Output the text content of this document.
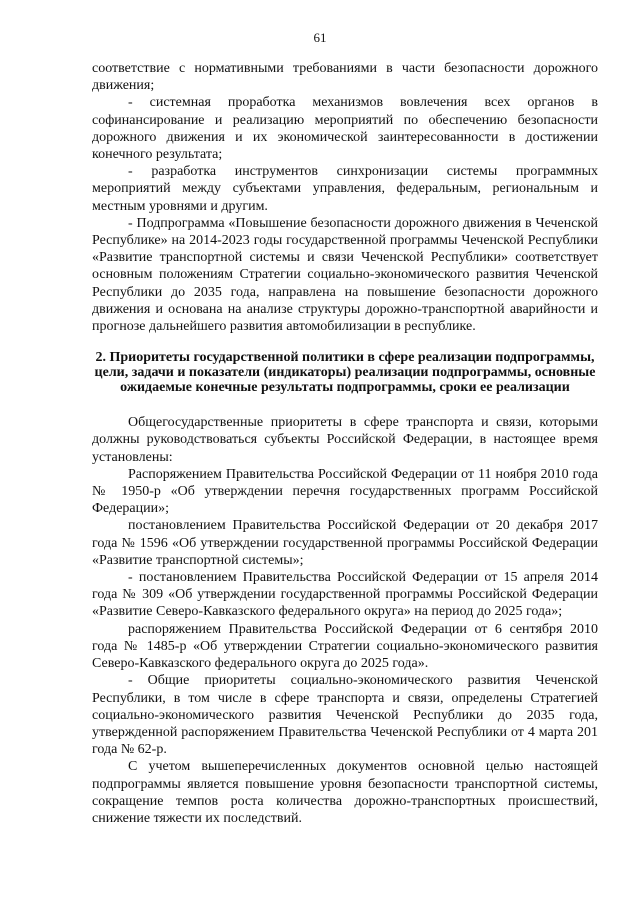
61

соответствие с нормативными требованиями в части безопасности дорожного движения;

- системная проработка механизмов вовлечения всех органов в софинансирование и реализацию мероприятий по обеспечению безопасности дорожного движения и их экономической заинтересованности в достижении конечного результата;

- разработка инструментов синхронизации системы программных мероприятий между субъектами управления, федеральным, региональным и местным уровнями и другим.

- Подпрограмма «Повышение безопасности дорожного движения в Чеченской Республике» на 2014-2023 годы государственной программы Чеченской Республики «Развитие транспортной системы и связи Чеченской Республики» соответствует основным положениям Стратегии социально-экономического развития Чеченской Республики до 2035 года, направлена на повышение безопасности дорожного движения и основана на анализе структуры дорожно-транспортной аварийности и прогнозе дальнейшего развития автомобилизации в республике.

2. Приоритеты государственной политики в сфере реализации подпрограммы, цели, задачи и показатели (индикаторы) реализации подпрограммы, основные ожидаемые конечные результаты подпрограммы, сроки ее реализации

Общегосударственные приоритеты в сфере транспорта и связи, которыми должны руководствоваться субъекты Российской Федерации, в настоящее время установлены:

Распоряжением Правительства Российской Федерации от 11 ноября 2010 года № 1950-р «Об утверждении перечня государственных программ Российской Федерации»;

постановлением Правительства Российской Федерации от 20 декабря 2017 года № 1596 «Об утверждении государственной программы Российской Федерации «Развитие транспортной системы»;

- постановлением Правительства Российской Федерации от 15 апреля 2014 года № 309 «Об утверждении государственной программы Российской Федерации «Развитие Северо-Кавказского федерального округа» на период до 2025 года»;

распоряжением Правительства Российской Федерации от 6 сентября 2010 года № 1485-р «Об утверждении Стратегии социально-экономического развития Северо-Кавказского федерального округа до 2025 года».

- Общие приоритеты социально-экономического развития Чеченской Республики, в том числе в сфере транспорта и связи, определены Стратегией социально-экономического развития Чеченской Республики до 2035 года, утвержденной распоряжением Правительства Чеченской Республики от 4 марта 201 года № 62-р.

С учетом вышеперечисленных документов основной целью настоящей подпрограммы является повышение уровня безопасности транспортной системы, сокращение темпов роста количества дорожно-транспортных происшествий, снижение тяжести их последствий.
